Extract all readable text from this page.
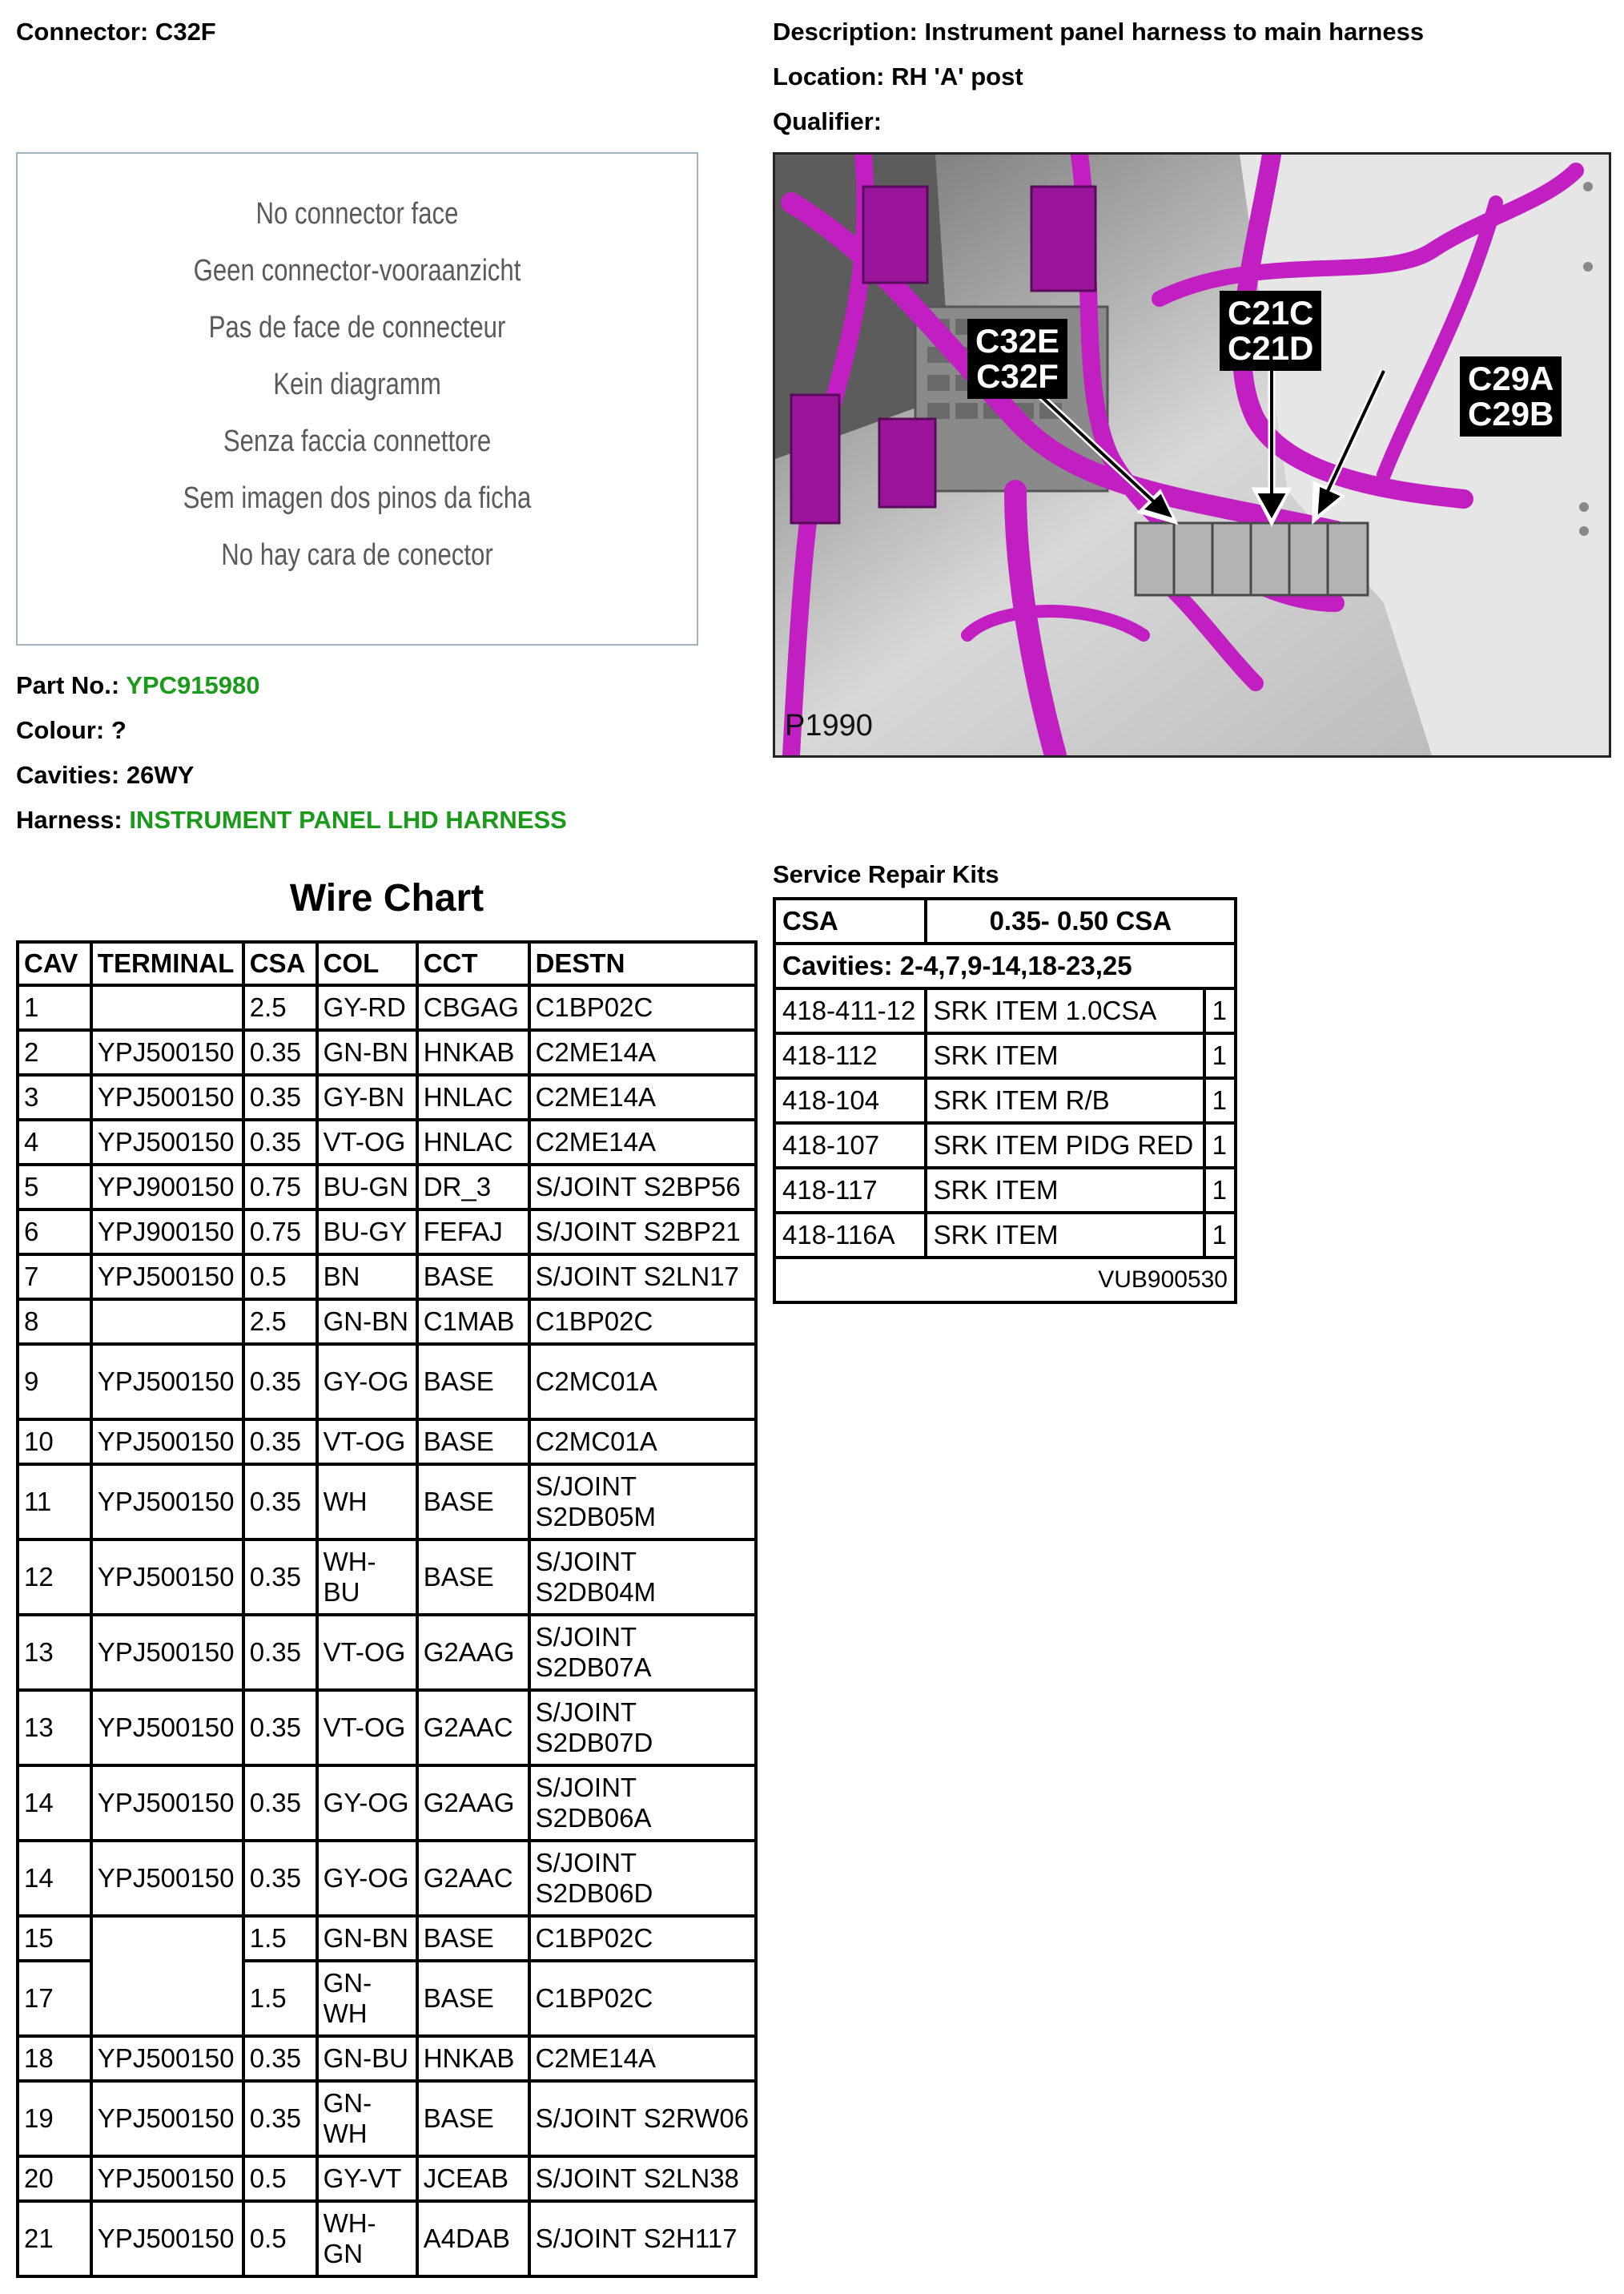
Connector: C32F	Description: Instrument panel harness to main harness
Location: RH 'A' post
Qualifier:
No connector face
Geen connector-vooraanzicht
Pas de face de connecteur
Kein diagramm
Senza faccia connettore
Sem imagen dos pinos da ficha
No hay cara de conector
C32E
C32F
C21C
C21D
C29A
C29B
P1990
Part No.: YPC915980
Colour: ?
Cavities: 26WY
Harness: INSTRUMENT PANEL LHD HARNESS
Wire Chart
CAV	TERMINAL	CSA	COL	CCT	DESTN
1		2.5	GY-RD	CBGAG	C1BP02C
2	YPJ500150	0.35	GN-BN	HNKAB	C2ME14A
3	YPJ500150	0.35	GY-BN	HNLAC	C2ME14A
4	YPJ500150	0.35	VT-OG	HNLAC	C2ME14A
5	YPJ900150	0.75	BU-GN	DR_3	S/JOINT S2BP56
6	YPJ900150	0.75	BU-GY	FEFAJ	S/JOINT S2BP21
7	YPJ500150	0.5	BN	BASE	S/JOINT S2LN17
8		2.5	GN-BN	C1MAB	C1BP02C
9	YPJ500150	0.35	GY-OG	BASE	C2MC01A
10	YPJ500150	0.35	VT-OG	BASE	C2MC01A
11	YPJ500150	0.35	WH	BASE	S/JOINT S2DB05M
12	YPJ500150	0.35	WH-BU	BASE	S/JOINT S2DB04M
13	YPJ500150	0.35	VT-OG	G2AAG	S/JOINT S2DB07A
13	YPJ500150	0.35	VT-OG	G2AAC	S/JOINT S2DB07D
14	YPJ500150	0.35	GY-OG	G2AAG	S/JOINT S2DB06A
14	YPJ500150	0.35	GY-OG	G2AAC	S/JOINT S2DB06D
15		1.5	GN-BN	BASE	C1BP02C
17		1.5	GN-WH	BASE	C1BP02C
18	YPJ500150	0.35	GN-BU	HNKAB	C2ME14A
19	YPJ500150	0.35	GN-WH	BASE	S/JOINT S2RW06
20	YPJ500150	0.5	GY-VT	JCEAB	S/JOINT S2LN38
21	YPJ500150	0.5	WH-GN	A4DAB	S/JOINT S2H117
Service Repair Kits
CSA	0.35- 0.50 CSA	
Cavities: 2-4,7,9-14,18-23,25		
418-411-12	SRK ITEM 1.0CSA	1
418-112	SRK ITEM	1
418-104	SRK ITEM R/B	1
418-107	SRK ITEM PIDG RED	1
418-117	SRK ITEM	1
418-116A	SRK ITEM	1
VUB900530		
